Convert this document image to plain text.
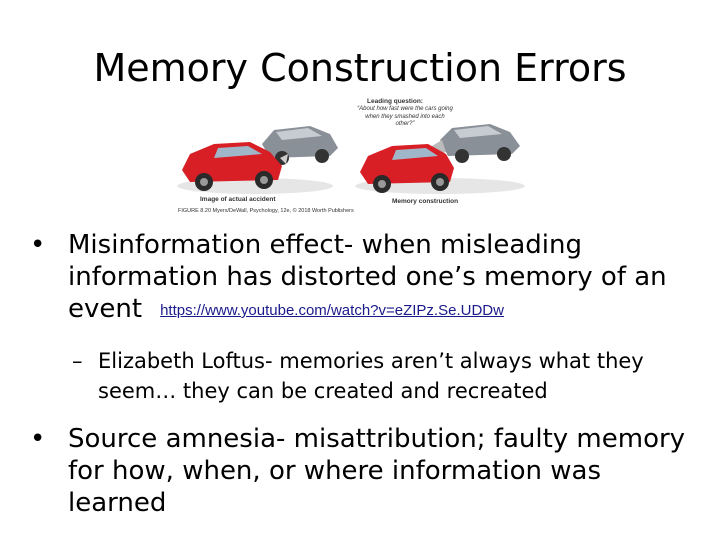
Memory Construction Errors
Leading question:
“About how fast were the cars going when they smashed into each other?”
Image of actual accident	Memory construction
FIGURE 8.20 Myers/DeWall, Psychology, 12e, © 2018 Worth Publishers
• Misinformation effect- when misleading information has distorted one’s memory of an event https://www.youtube.com/watch?v=eZIPz.Se.UDDw
– Elizabeth Loftus- memories aren’t always what they seem… they can be created and recreated
• Source amnesia- misattribution; faulty memory for how, when, or where information was learned
